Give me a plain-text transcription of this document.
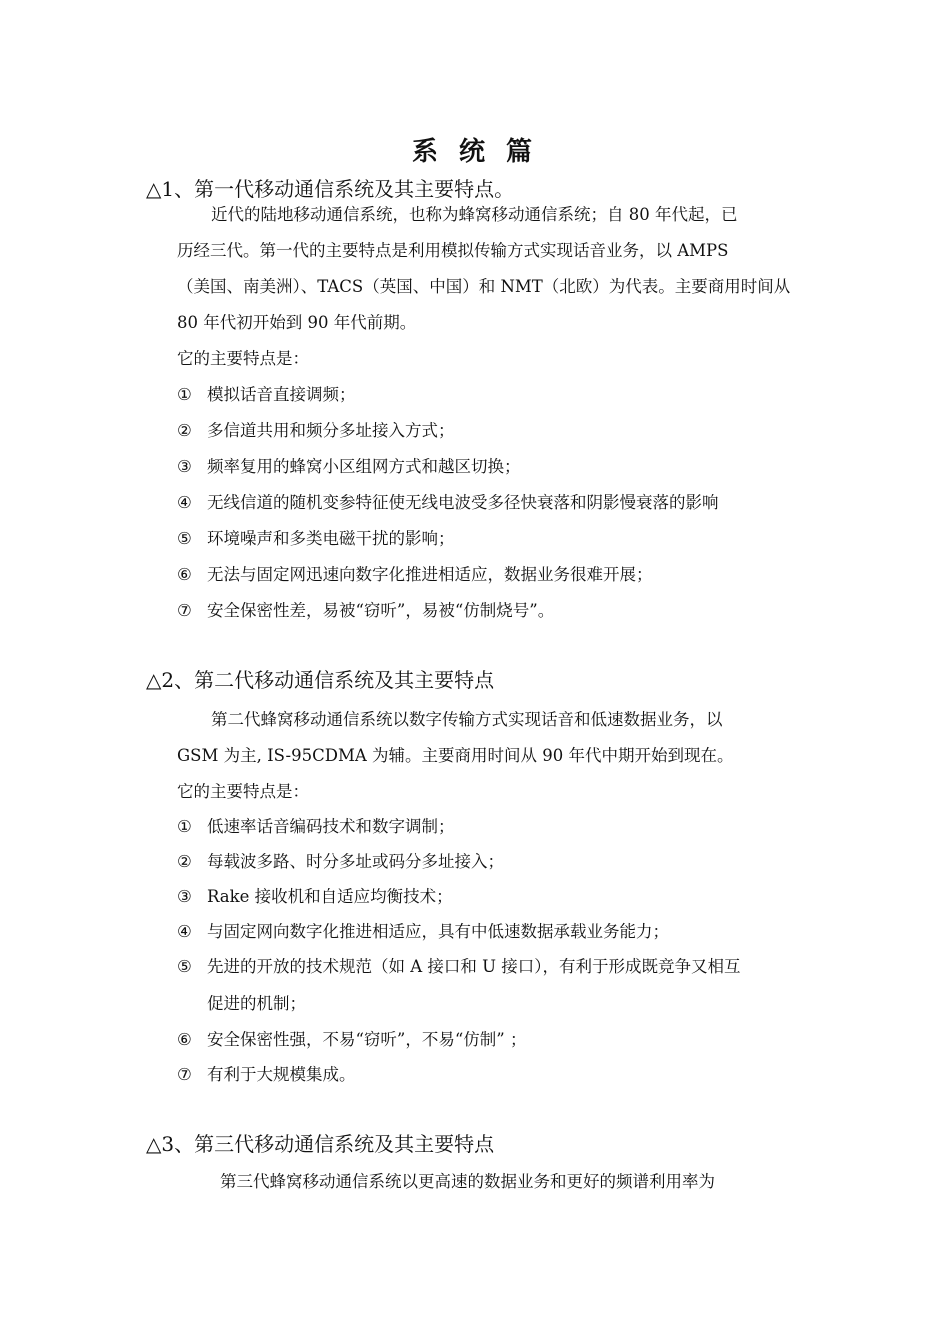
系 统 篇
△1、第一代移动通信系统及其主要特点。
近代的陆地移动通信系统，也称为蜂窝移动通信系统；自 80 年代起，已
历经三代。第一代的主要特点是利用模拟传输方式实现话音业务，以 AMPS
（美国、南美洲）、TACS（英国、中国）和 NMT（北欧）为代表。主要商用时间从
80 年代初开始到 90 年代前期。
它的主要特点是：
① 模拟话音直接调频；
② 多信道共用和频分多址接入方式；
③ 频率复用的蜂窝小区组网方式和越区切换；
④ 无线信道的随机变参特征使无线电波受多径快衰落和阴影慢衰落的影响
⑤ 环境噪声和多类电磁干扰的影响；
⑥ 无法与固定网迅速向数字化推进相适应，数据业务很难开展；
⑦ 安全保密性差，易被“窃听”，易被“仿制烧号”。
△2、第二代移动通信系统及其主要特点
第二代蜂窝移动通信系统以数字传输方式实现话音和低速数据业务，以
GSM 为主, IS-95CDMA 为辅。主要商用时间从 90 年代中期开始到现在。
它的主要特点是：
① 低速率话音编码技术和数字调制；
② 每载波多路、时分多址或码分多址接入；
③ Rake 接收机和自适应均衡技术；
④ 与固定网向数字化推进相适应，具有中低速数据承载业务能力；
⑤ 先进的开放的技术规范（如 A 接口和 U 接口），有利于形成既竞争又相互
促进的机制；
⑥ 安全保密性强，不易“窃听”，不易“仿制” ；
⑦ 有利于大规模集成。
△3、第三代移动通信系统及其主要特点
第三代蜂窝移动通信系统以更高速的数据业务和更好的频谱利用率为
